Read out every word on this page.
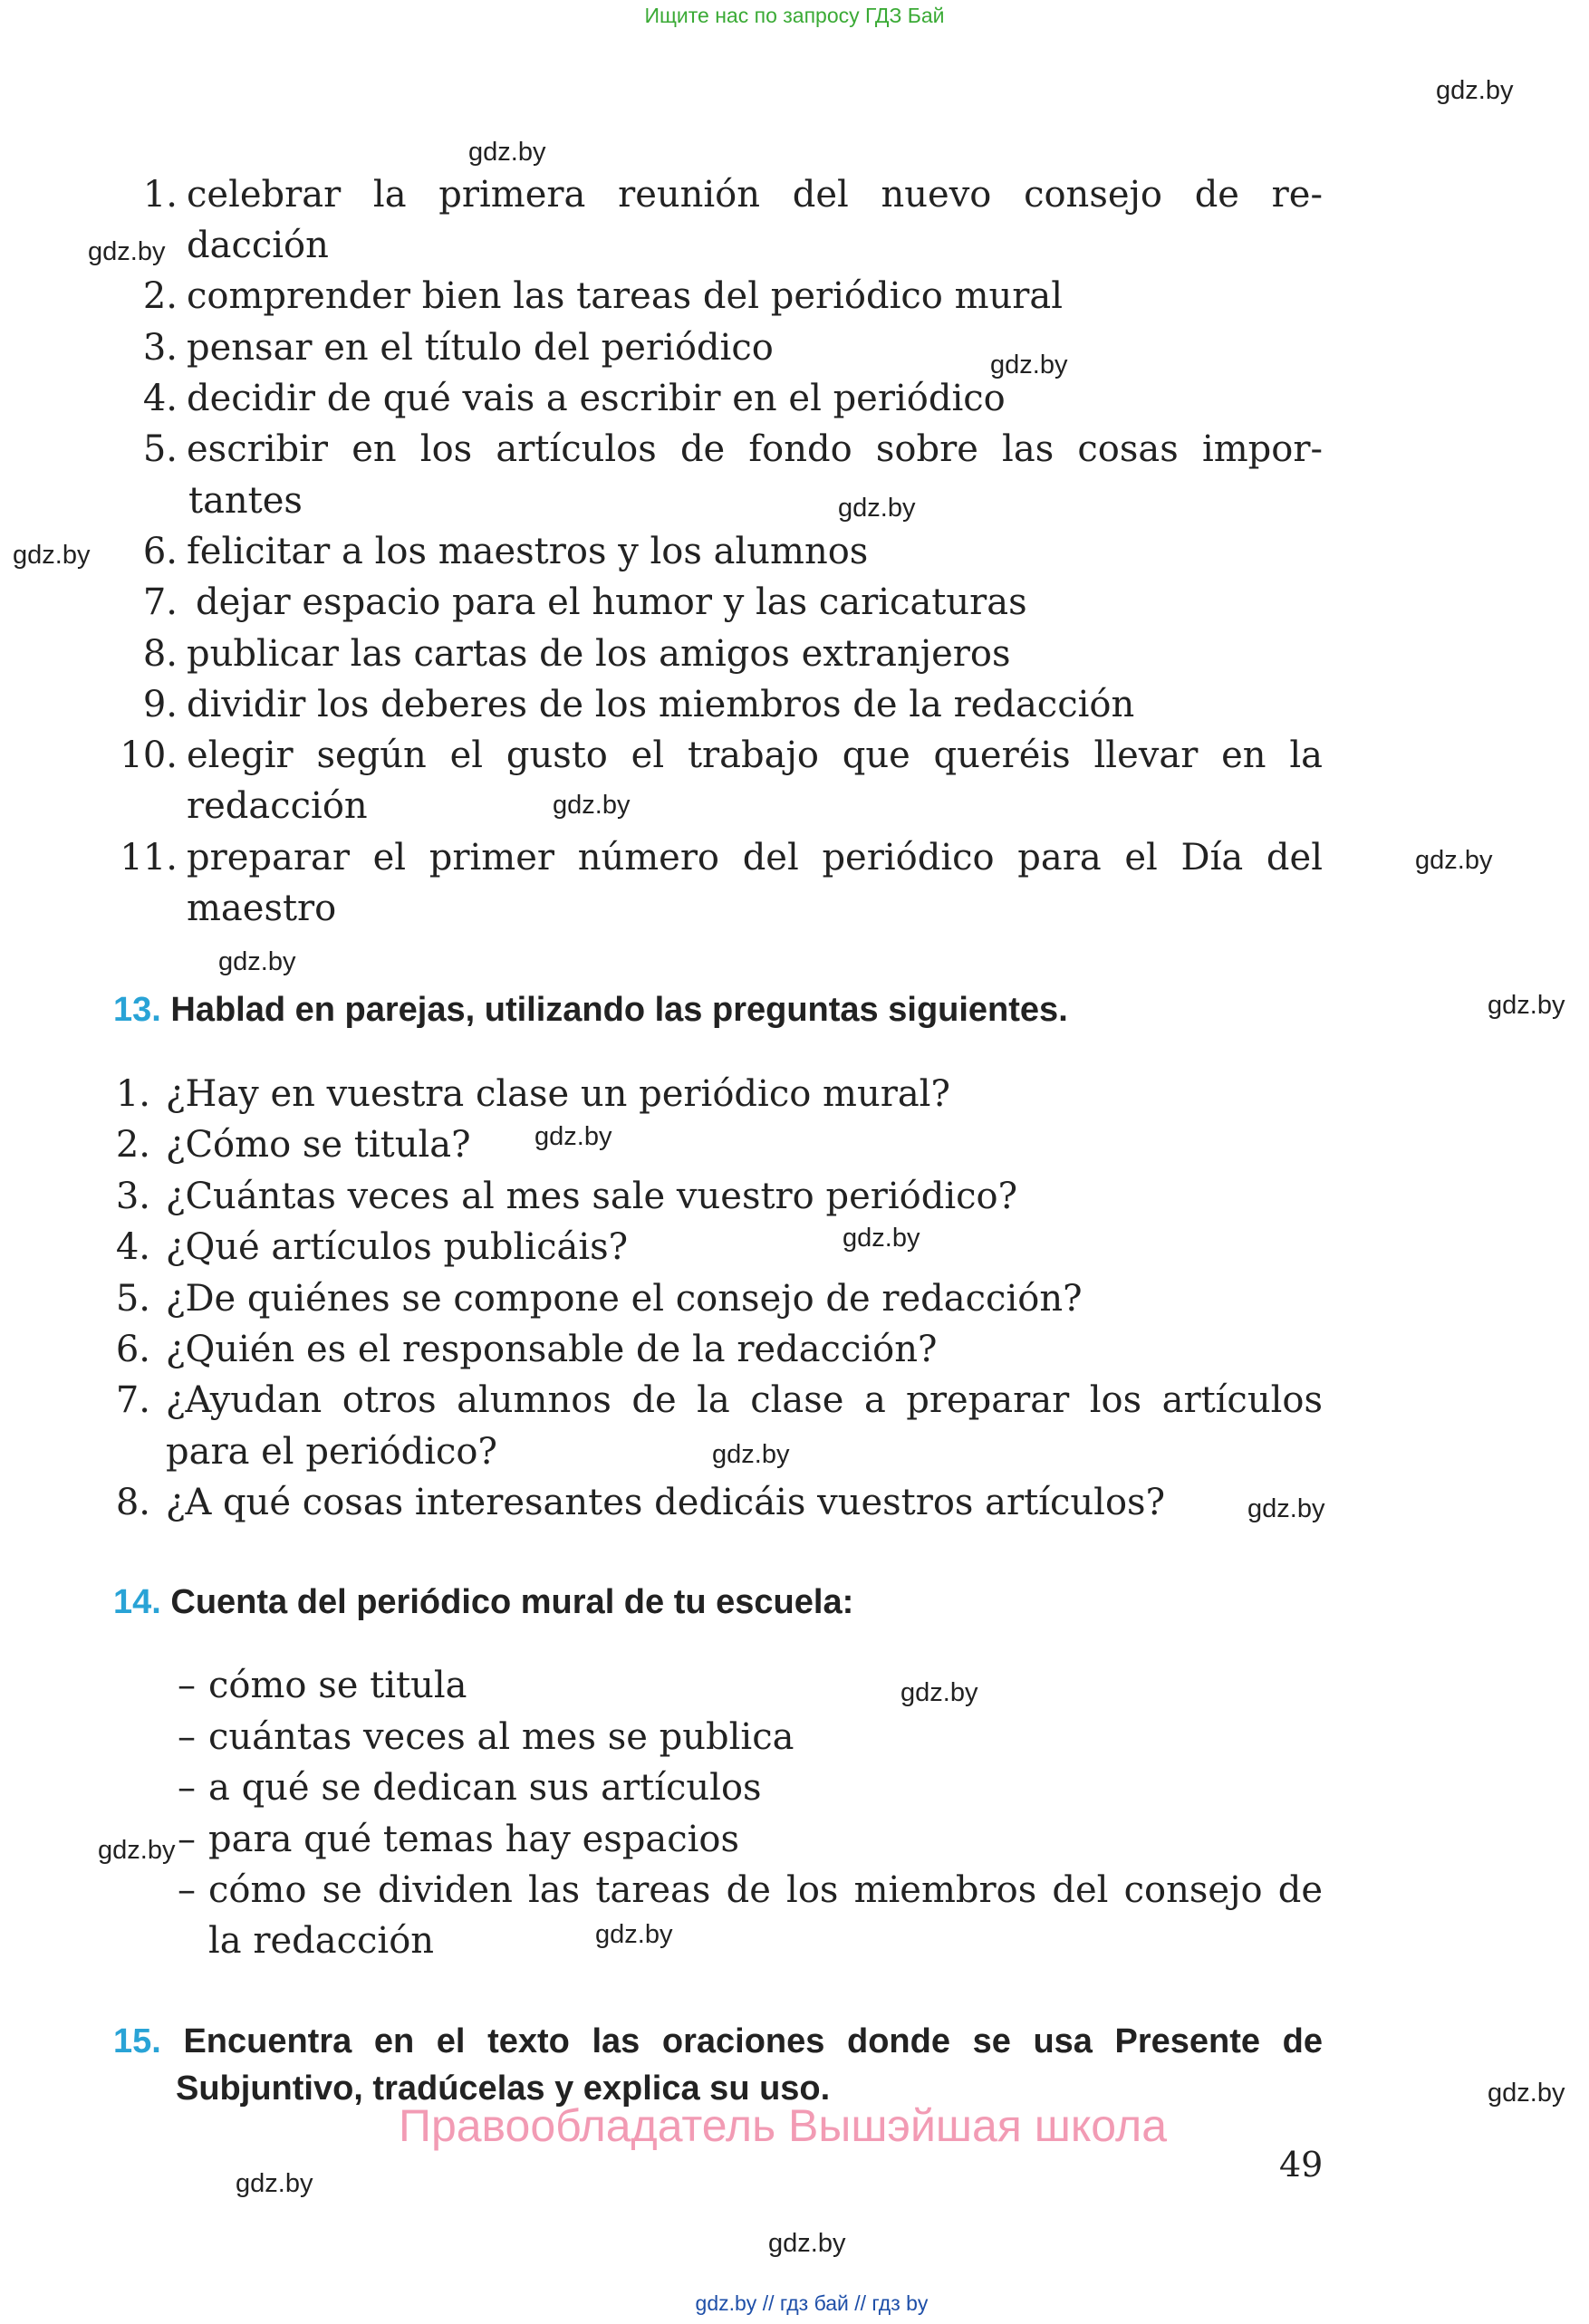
Ищите нас по запросу ГДЗ Бай
gdz.by // гдз бай // гдз by
gdz.by
gdz.by
gdz.by
gdz.by
gdz.by
gdz.by
gdz.by
gdz.by
gdz.by
gdz.by
gdz.by
gdz.by
gdz.by
gdz.by
gdz.by
gdz.by
gdz.by
gdz.by
gdz.by
gdz.by
1. celebrar la primera reunión del nuevo consejo de re-
dacción
2. comprender bien las tareas del periódico mural
3. pensar en el título del periódico
4. decidir de qué vais a escribir en el periódico
5. escribir en los artículos de fondo sobre las cosas impor-
tantes
6. felicitar a los maestros y los alumnos
7. dejar espacio para el humor y las caricaturas
8. publicar las cartas de los amigos extranjeros
9. dividir los deberes de los miembros de la redacción
10. elegir según el gusto el trabajo que queréis llevar en la
redacción
11. preparar el primer número del periódico para el Día del
maestro
13. Hablad en parejas, utilizando las preguntas siguientes.
1. ¿Hay en vuestra clase un periódico mural?
2. ¿Cómo se titula?
3. ¿Cuántas veces al mes sale vuestro periódico?
4. ¿Qué artículos publicáis?
5. ¿De quiénes se compone el consejo de redacción?
6. ¿Quién es el responsable de la redacción?
7. ¿Ayudan otros alumnos de la clase a preparar los artículos
para el periódico?
8. ¿A qué cosas interesantes dedicáis vuestros artículos?
14. Cuenta del periódico mural de tu escuela:
– cómo se titula
– cuántas veces al mes se publica
– a qué se dedican sus artículos
– para qué temas hay espacios
– cómo se dividen las tareas de los miembros del consejo de
la redacción
15. Encuentra en el texto las oraciones donde se usa Presente de
Subjuntivo, tradúcelas y explica su uso.
Правообладатель Вышэйшая школа
49
